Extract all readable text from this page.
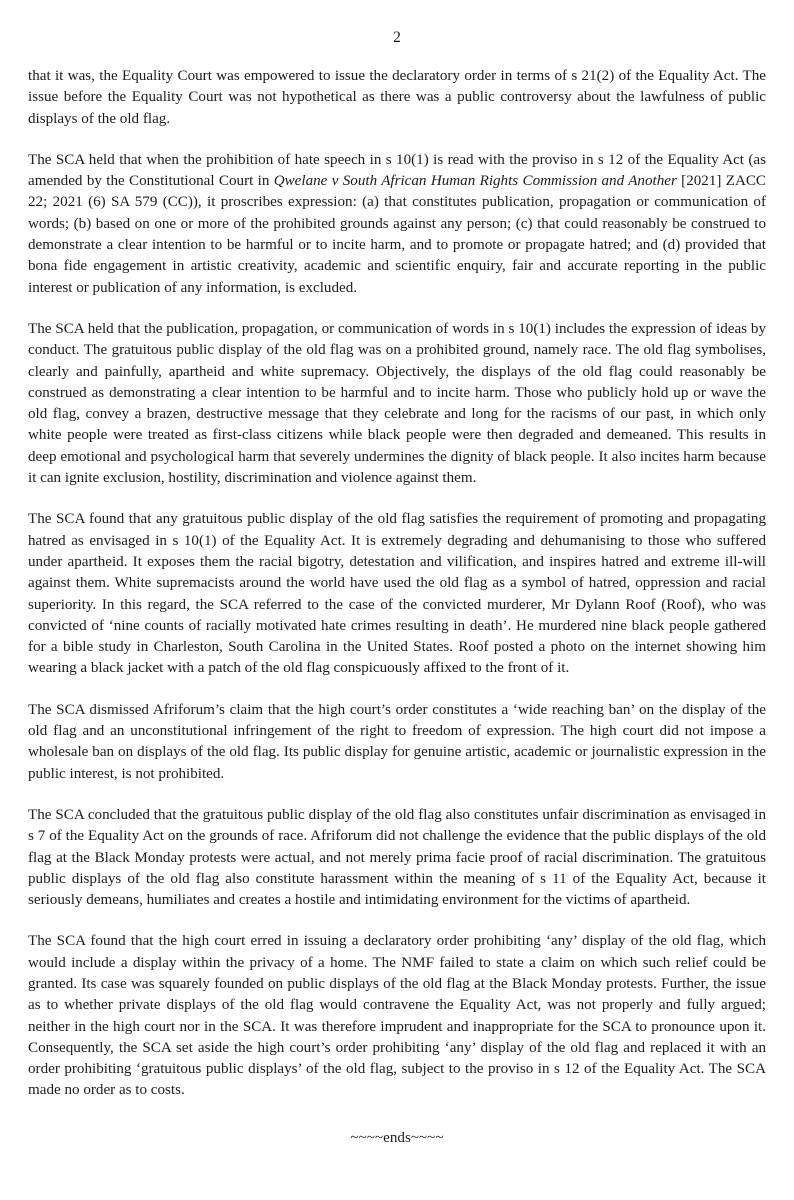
2

that it was, the Equality Court was empowered to issue the declaratory order in terms of s 21(2) of the Equality Act. The issue before the Equality Court was not hypothetical as there was a public controversy about the lawfulness of public displays of the old flag.

The SCA held that when the prohibition of hate speech in s 10(1) is read with the proviso in s 12 of the Equality Act (as amended by the Constitutional Court in Qwelane v South African Human Rights Commission and Another [2021] ZACC 22; 2021 (6) SA 579 (CC)), it proscribes expression: (a) that constitutes publication, propagation or communication of words; (b) based on one or more of the prohibited grounds against any person; (c) that could reasonably be construed to demonstrate a clear intention to be harmful or to incite harm, and to promote or propagate hatred; and (d) provided that bona fide engagement in artistic creativity, academic and scientific enquiry, fair and accurate reporting in the public interest or publication of any information, is excluded.

The SCA held that the publication, propagation, or communication of words in s 10(1) includes the expression of ideas by conduct. The gratuitous public display of the old flag was on a prohibited ground, namely race. The old flag symbolises, clearly and painfully, apartheid and white supremacy. Objectively, the displays of the old flag could reasonably be construed as demonstrating a clear intention to be harmful and to incite harm. Those who publicly hold up or wave the old flag, convey a brazen, destructive message that they celebrate and long for the racisms of our past, in which only white people were treated as first-class citizens while black people were then degraded and demeaned. This results in deep emotional and psychological harm that severely undermines the dignity of black people. It also incites harm because it can ignite exclusion, hostility, discrimination and violence against them.

The SCA found that any gratuitous public display of the old flag satisfies the requirement of promoting and propagating hatred as envisaged in s 10(1) of the Equality Act. It is extremely degrading and dehumanising to those who suffered under apartheid. It exposes them the racial bigotry, detestation and vilification, and inspires hatred and extreme ill-will against them. White supremacists around the world have used the old flag as a symbol of hatred, oppression and racial superiority. In this regard, the SCA referred to the case of the convicted murderer, Mr Dylann Roof (Roof), who was convicted of ‘nine counts of racially motivated hate crimes resulting in death’. He murdered nine black people gathered for a bible study in Charleston, South Carolina in the United States. Roof posted a photo on the internet showing him wearing a black jacket with a patch of the old flag conspicuously affixed to the front of it.

The SCA dismissed Afriforum’s claim that the high court’s order constitutes a ‘wide reaching ban’ on the display of the old flag and an unconstitutional infringement of the right to freedom of expression. The high court did not impose a wholesale ban on displays of the old flag. Its public display for genuine artistic, academic or journalistic expression in the public interest, is not prohibited.

The SCA concluded that the gratuitous public display of the old flag also constitutes unfair discrimination as envisaged in s 7 of the Equality Act on the grounds of race. Afriforum did not challenge the evidence that the public displays of the old flag at the Black Monday protests were actual, and not merely prima facie proof of racial discrimination. The gratuitous public displays of the old flag also constitute harassment within the meaning of s 11 of the Equality Act, because it seriously demeans, humiliates and creates a hostile and intimidating environment for the victims of apartheid.

The SCA found that the high court erred in issuing a declaratory order prohibiting ‘any’ display of the old flag, which would include a display within the privacy of a home. The NMF failed to state a claim on which such relief could be granted. Its case was squarely founded on public displays of the old flag at the Black Monday protests. Further, the issue as to whether private displays of the old flag would contravene the Equality Act, was not properly and fully argued; neither in the high court nor in the SCA. It was therefore imprudent and inappropriate for the SCA to pronounce upon it. Consequently, the SCA set aside the high court’s order prohibiting ‘any’ display of the old flag and replaced it with an order prohibiting ‘gratuitous public displays’ of the old flag, subject to the proviso in s 12 of the Equality Act. The SCA made no order as to costs.

~~~~ends~~~~
